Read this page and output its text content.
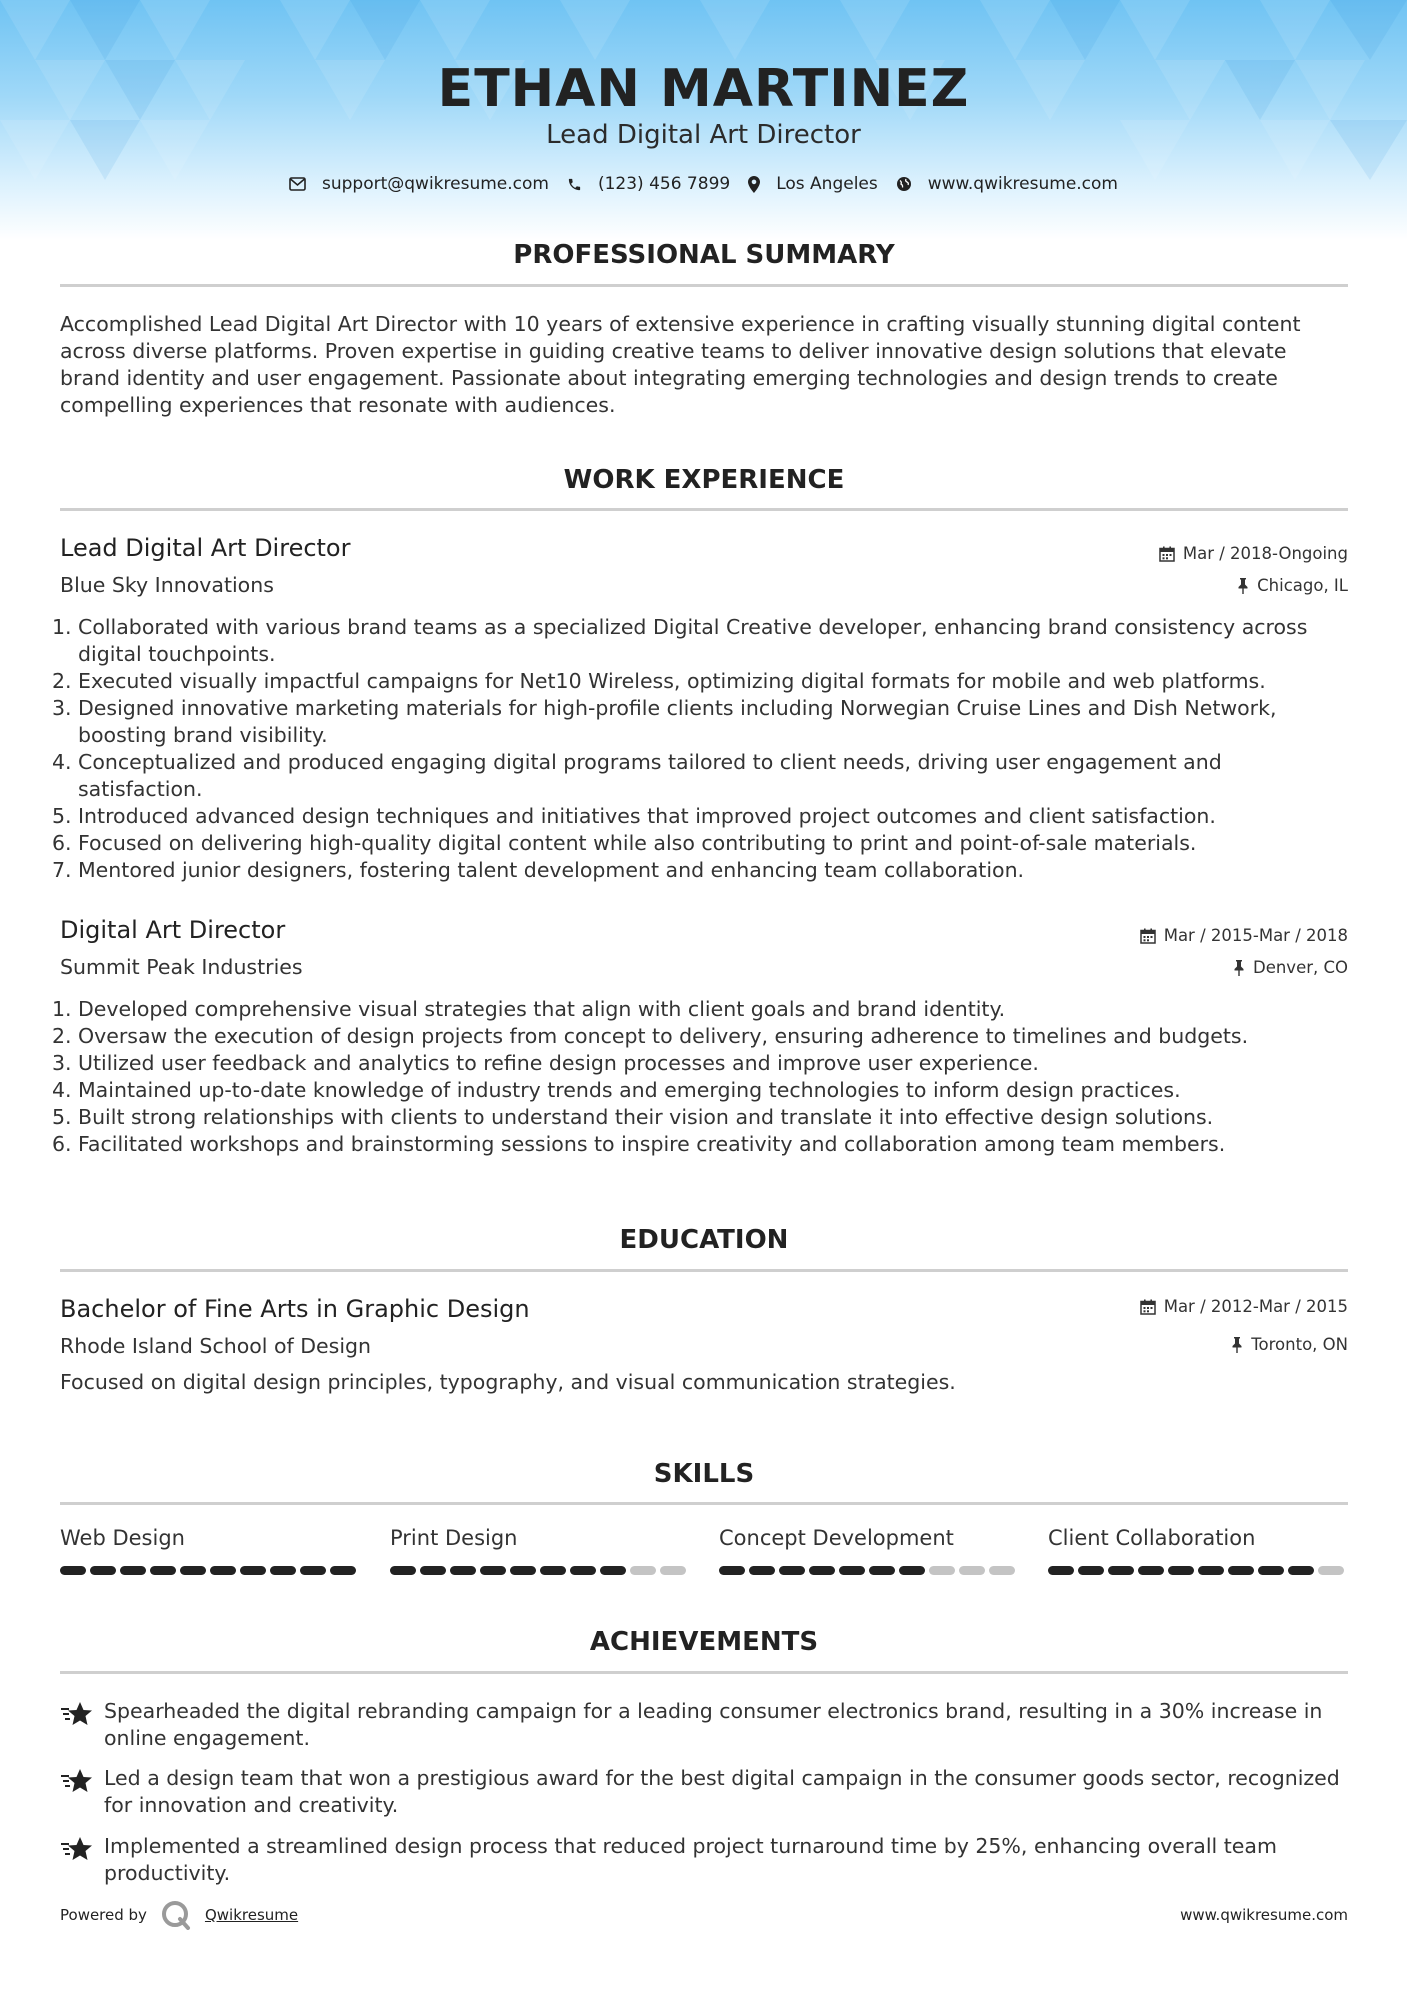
ETHAN MARTINEZ
Lead Digital Art Director
support@qwikresume.com	(123) 456 7899	Los Angeles	www.qwikresume.com
PROFESSIONAL SUMMARY
Accomplished Lead Digital Art Director with 10 years of extensive experience in crafting visually stunning digital content across diverse platforms. Proven expertise in guiding creative teams to deliver innovative design solutions that elevate brand identity and user engagement. Passionate about integrating emerging technologies and design trends to create compelling experiences that resonate with audiences.
WORK EXPERIENCE
Lead Digital Art Director	Mar / 2018-Ongoing
Blue Sky Innovations	Chicago, IL
1. Collaborated with various brand teams as a specialized Digital Creative developer, enhancing brand consistency across digital touchpoints.
2. Executed visually impactful campaigns for Net10 Wireless, optimizing digital formats for mobile and web platforms.
3. Designed innovative marketing materials for high-profile clients including Norwegian Cruise Lines and Dish Network, boosting brand visibility.
4. Conceptualized and produced engaging digital programs tailored to client needs, driving user engagement and satisfaction.
5. Introduced advanced design techniques and initiatives that improved project outcomes and client satisfaction.
6. Focused on delivering high-quality digital content while also contributing to print and point-of-sale materials.
7. Mentored junior designers, fostering talent development and enhancing team collaboration.
Digital Art Director	Mar / 2015-Mar / 2018
Summit Peak Industries	Denver, CO
1. Developed comprehensive visual strategies that align with client goals and brand identity.
2. Oversaw the execution of design projects from concept to delivery, ensuring adherence to timelines and budgets.
3. Utilized user feedback and analytics to refine design processes and improve user experience.
4. Maintained up-to-date knowledge of industry trends and emerging technologies to inform design practices.
5. Built strong relationships with clients to understand their vision and translate it into effective design solutions.
6. Facilitated workshops and brainstorming sessions to inspire creativity and collaboration among team members.
EDUCATION
Bachelor of Fine Arts in Graphic Design	Mar / 2012-Mar / 2015
Rhode Island School of Design	Toronto, ON
Focused on digital design principles, typography, and visual communication strategies.
SKILLS
Web Design	Print Design	Concept Development	Client Collaboration
ACHIEVEMENTS
Spearheaded the digital rebranding campaign for a leading consumer electronics brand, resulting in a 30% increase in online engagement.
Led a design team that won a prestigious award for the best digital campaign in the consumer goods sector, recognized for innovation and creativity.
Implemented a streamlined design process that reduced project turnaround time by 25%, enhancing overall team productivity.
Powered by	Qwikresume	www.qwikresume.com
